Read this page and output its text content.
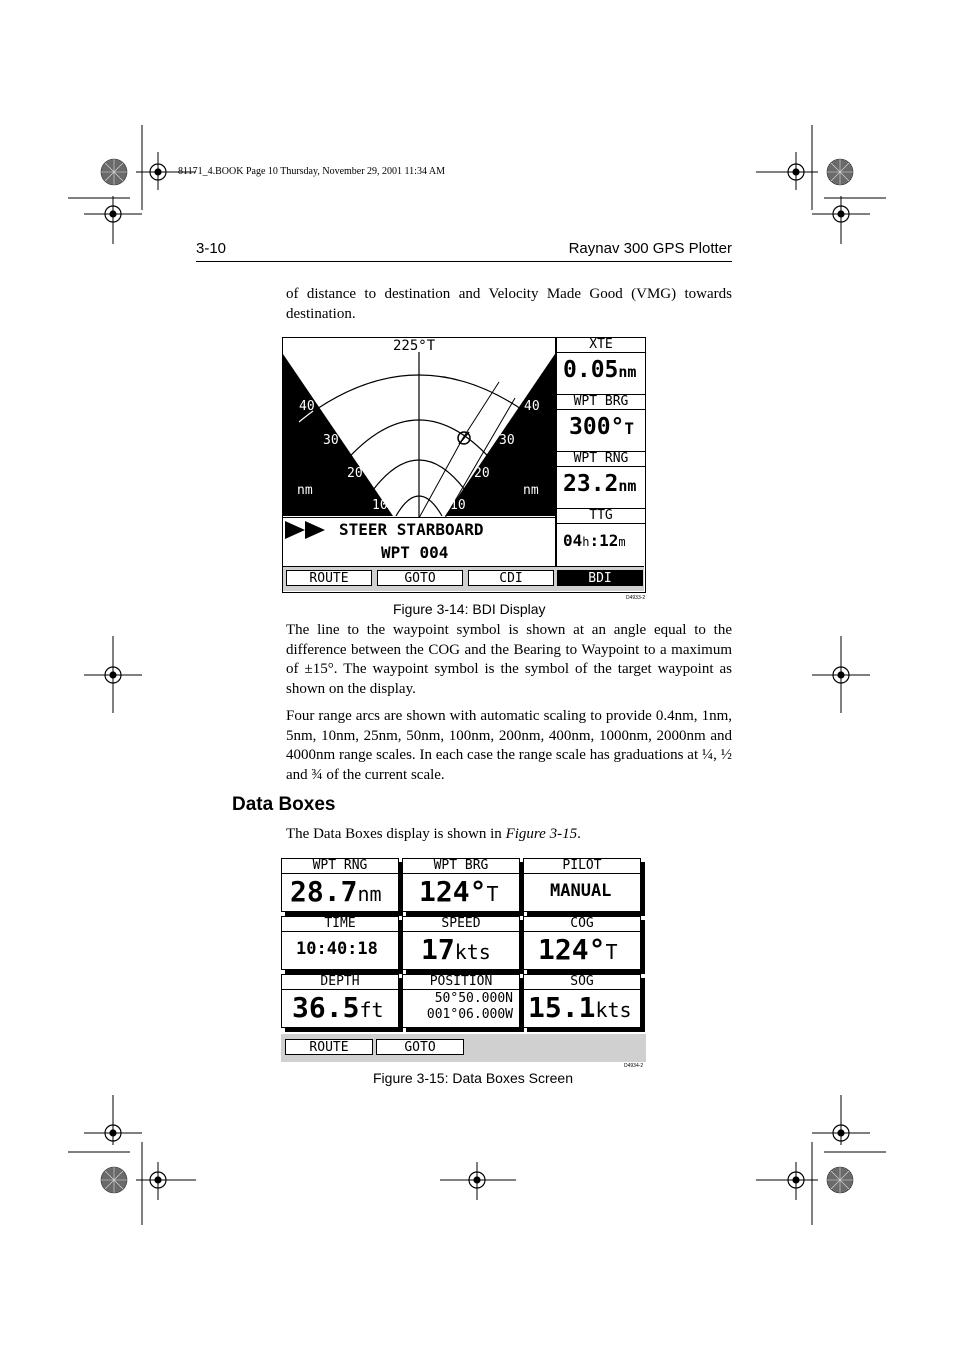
81171_4.BOOK Page 10 Thursday, November 29, 2001 11:34 AM
3-10	Raynav 300 GPS Plotter
of distance to destination and Velocity Made Good (VMG) towards destination.
225°T
40
30
20
10
40
30
20
10
nm	nm
STEER STARBOARD
WPT 004
XTE
0.05nm
WPT BRG
300°T
WPT RNG
23.2nm
TTG
04h:12m
ROUTE	GOTO	CDI	BDI
D4933-2
Figure 3-14: BDI Display
The line to the waypoint symbol is shown at an angle equal to the difference between the COG and the Bearing to Waypoint to a maximum of ±15°. The waypoint symbol is the symbol of the target waypoint as shown on the display.
Four range arcs are shown with automatic scaling to provide 0.4nm, 1nm, 5nm, 10nm, 25nm, 50nm, 100nm, 200nm, 400nm, 1000nm, 2000nm and 4000nm range scales. In each case the range scale has graduations at ¼, ½ and ¾ of the current scale.
Data Boxes
The Data Boxes display is shown in Figure 3-15.
WPT RNG
28.7nm
WPT BRG
124°T
PILOT
MANUAL
TIME
10:40:18
SPEED
17kts
COG
124°T
DEPTH
36.5ft
POSITION
50°50.000N
001°06.000W
SOG
15.1kts
ROUTE	GOTO
D4934-2
Figure 3-15: Data Boxes Screen
